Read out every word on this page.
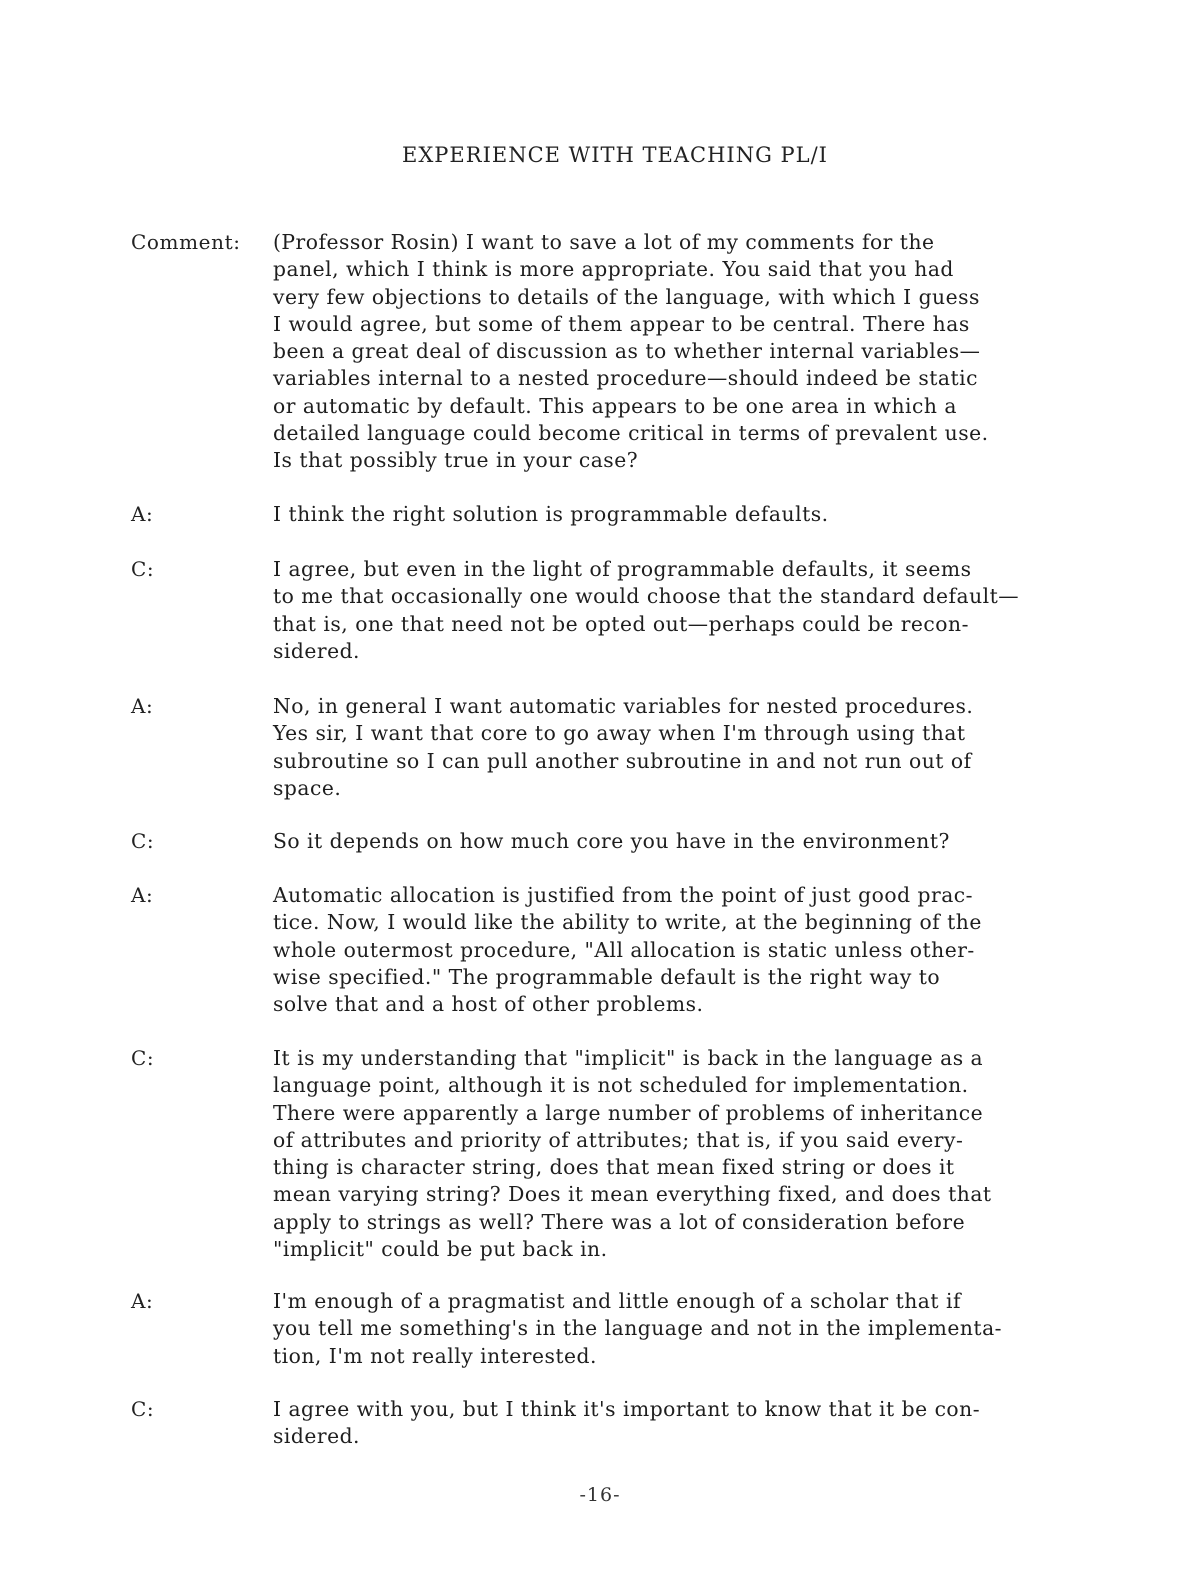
EXPERIENCE WITH TEACHING PL/I
Comment: (Professor Rosin) I want to save a lot of my comments for the
panel, which I think is more appropriate. You said that you had
very few objections to details of the language, with which I guess
I would agree, but some of them appear to be central. There has
been a great deal of discussion as to whether internal variables—
variables internal to a nested procedure—should indeed be static
or automatic by default. This appears to be one area in which a
detailed language could become critical in terms of prevalent use.
Is that possibly true in your case?
A:	I think the right solution is programmable defaults.
C:	I agree, but even in the light of programmable defaults, it seems
to me that occasionally one would choose that the standard default—
that is, one that need not be opted out—perhaps could be recon-
sidered.
A:	No, in general I want automatic variables for nested procedures.
Yes sir, I want that core to go away when I'm through using that
subroutine so I can pull another subroutine in and not run out of
space.
C:	So it depends on how much core you have in the environment?
A:	Automatic allocation is justified from the point of just good prac-
tice. Now, I would like the ability to write, at the beginning of the
whole outermost procedure, "All allocation is static unless other-
wise specified." The programmable default is the right way to
solve that and a host of other problems.
C:	It is my understanding that "implicit" is back in the language as a
language point, although it is not scheduled for implementation.
There were apparently a large number of problems of inheritance
of attributes and priority of attributes; that is, if you said every-
thing is character string, does that mean fixed string or does it
mean varying string? Does it mean everything fixed, and does that
apply to strings as well? There was a lot of consideration before
"implicit" could be put back in.
A:	I'm enough of a pragmatist and little enough of a scholar that if
you tell me something's in the language and not in the implementa-
tion, I'm not really interested.
C:	I agree with you, but I think it's important to know that it be con-
sidered.
-16-
